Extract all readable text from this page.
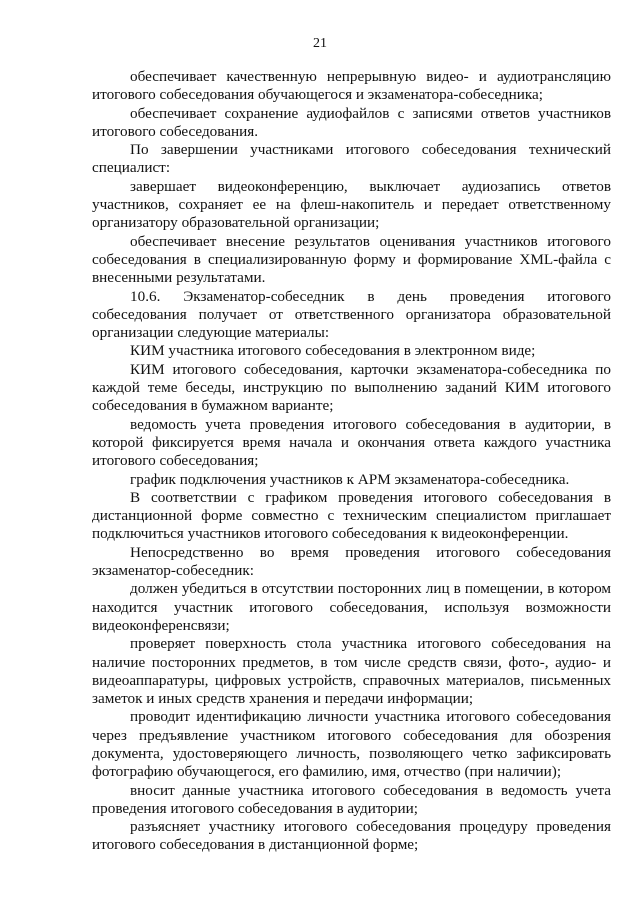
21

обеспечивает качественную непрерывную видео- и аудиотрансляцию итогового собеседования обучающегося и экзаменатора-собеседника;

обеспечивает сохранение аудиофайлов с записями ответов участников итогового собеседования.

По завершении участниками итогового собеседования технический специалист:

завершает видеоконференцию, выключает аудиозапись ответов участников, сохраняет ее на флеш-накопитель и передает ответственному организатору образовательной организации;

обеспечивает внесение результатов оценивания участников итогового собеседования в специализированную форму и формирование XML-файла с внесенными результатами.

10.6. Экзаменатор-собеседник в день проведения итогового собеседования получает от ответственного организатора образовательной организации следующие материалы:

КИМ участника итогового собеседования в электронном виде;

КИМ итогового собеседования, карточки экзаменатора-собеседника по каждой теме беседы, инструкцию по выполнению заданий КИМ итогового собеседования в бумажном варианте;

ведомость учета проведения итогового собеседования в аудитории, в которой фиксируется время начала и окончания ответа каждого участника итогового собеседования;

график подключения участников к АРМ экзаменатора-собеседника.

В соответствии с графиком проведения итогового собеседования в дистанционной форме совместно с техническим специалистом приглашает подключиться участников итогового собеседования к видеоконференции.

Непосредственно во время проведения итогового собеседования экзаменатор-собеседник:

должен убедиться в отсутствии посторонних лиц в помещении, в котором находится участник итогового собеседования, используя возможности видеоконференсвязи;

проверяет поверхность стола участника итогового собеседования на наличие посторонних предметов, в том числе средств связи, фото-, аудио- и видеоаппаратуры, цифровых устройств, справочных материалов, письменных заметок и иных средств хранения и передачи информации;

проводит идентификацию личности участника итогового собеседования через предъявление участником итогового собеседования для обозрения документа, удостоверяющего личность, позволяющего четко зафиксировать фотографию обучающегося, его фамилию, имя, отчество (при наличии);

вносит данные участника итогового собеседования в ведомость учета проведения итогового собеседования в аудитории;

разъясняет участнику итогового собеседования процедуру проведения итогового собеседования в дистанционной форме;
